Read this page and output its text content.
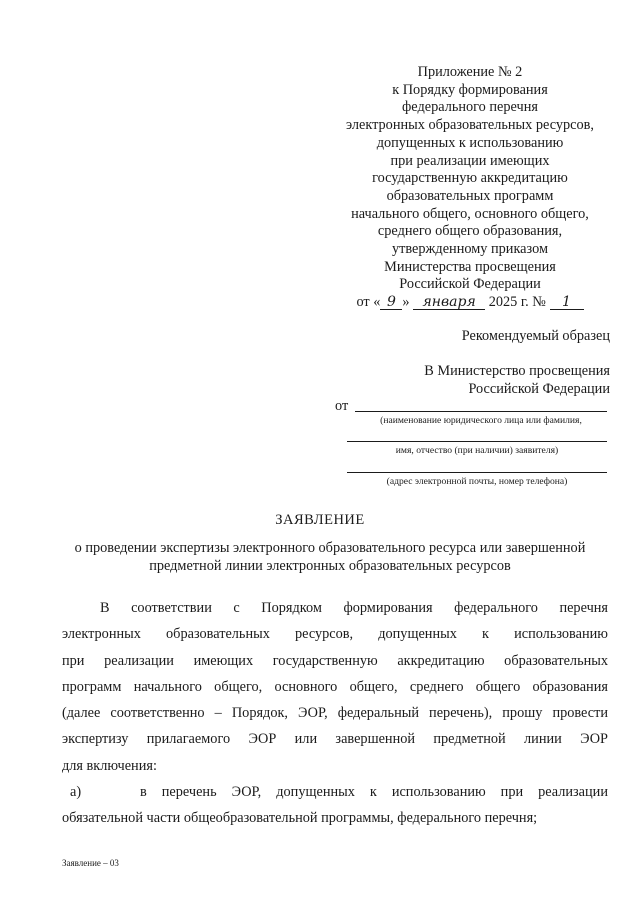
Приложение № 2
к Порядку формирования
федерального перечня
электронных образовательных ресурсов,
допущенных к использованию
при реализации имеющих
государственную аккредитацию
образовательных программ
начального общего, основного общего,
среднего общего образования,
утвержденному приказом
Министерства просвещения
Российской Федерации
от « 9 » января 2025 г. № 1
Рекомендуемый образец
В Министерство просвещения
Российской Федерации
от
(наименование юридического лица или фамилия,
имя, отчество (при наличии) заявителя)
(адрес электронной почты, номер телефона)
ЗАЯВЛЕНИЕ
о проведении экспертизы электронного образовательного ресурса или завершенной
предметной линии электронных образовательных ресурсов
В соответствии с Порядком формирования федерального перечня
электронных образовательных ресурсов, допущенных к использованию
при реализации имеющих государственную аккредитацию образовательных
программ начального общего, основного общего, среднего общего образования
(далее соответственно – Порядок, ЭОР, федеральный перечень), прошу провести
экспертизу прилагаемого ЭОР или завершенной предметной линии ЭОР
для включения:
а)	в перечень ЭОР, допущенных к использованию при реализации
обязательной части общеобразовательной программы, федерального перечня;
Заявление – 03
